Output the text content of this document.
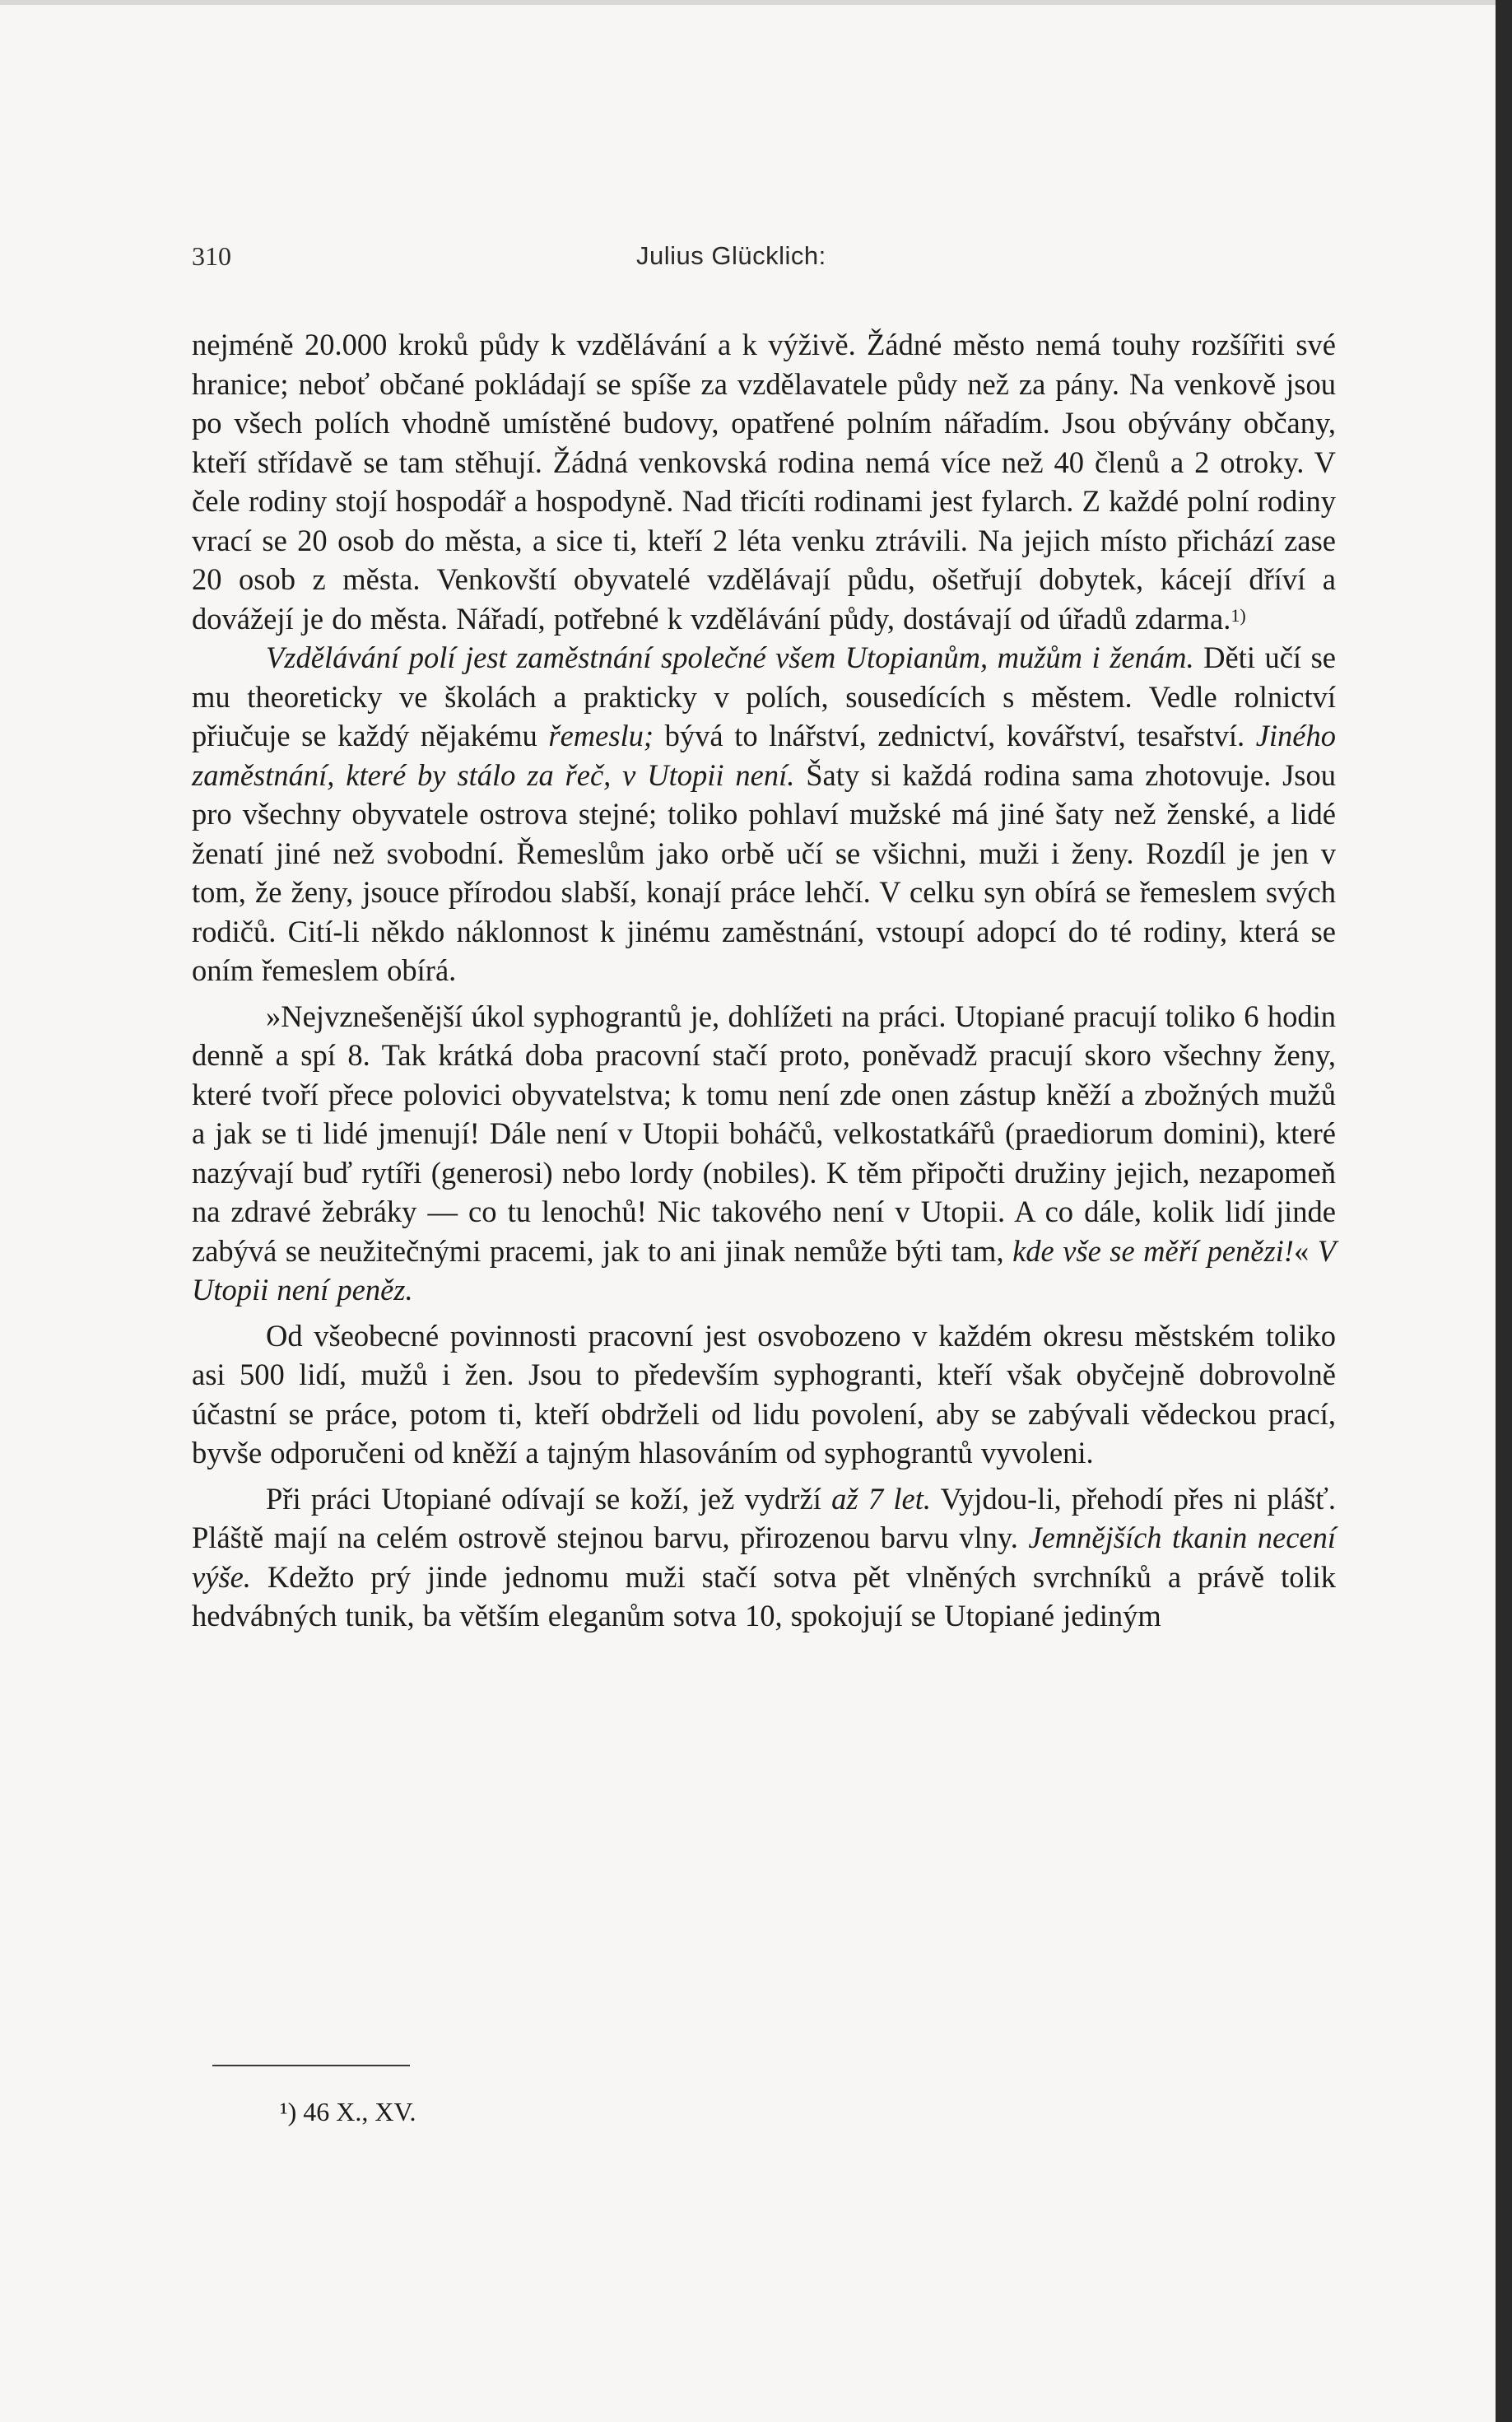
310	Julius Glücklich:

nejméně 20.000 kroků půdy k vzdělávání a k výživě. Žádné město nemá touhy rozšířiti své hranice; neboť občané pokládají se spíše za vzdělavatele půdy než za pány. Na venkově jsou po všech polích vhodně umístěné budovy, opatřené polním nářadím. Jsou obývány občany, kteří střídavě se tam stěhují. Žádná venkovská rodina nemá více než 40 členů a 2 otroky. V čele rodiny stojí hospodář a hospodyně. Nad třicíti rodinami jest fylarch. Z každé polní rodiny vrací se 20 osob do města, a sice ti, kteří 2 léta venku ztrávili. Na jejich místo přichází zase 20 osob z města. Venkovští obyvatelé vzdělávají půdu, ošetřují dobytek, kácejí dříví a dovážejí je do města. Nářadí, potřebné k vzdělávání půdy, dostávají od úřadů zdarma.$^{1)}$

Vzdělávání polí jest zaměstnání společné všem Utopianům, mužům i ženám. Děti učí se mu theoreticky ve školách a prakticky v polích, sousedících s městem. Vedle rolnictví přiučuje se každý nějakému řemeslu; bývá to lnářství, zednictví, kovářství, tesařství. Jiného zaměstnání, které by stálo za řeč, v Utopii není. Šaty si každá rodina sama zhotovuje. Jsou pro všechny obyvatele ostrova stejné; toliko pohlaví mužské má jiné šaty než ženské, a lidé ženatí jiné než svobodní. Řemeslům jako orbě učí se všichni, muži i ženy. Rozdíl je jen v tom, že ženy, jsouce přírodou slabší, konají práce lehčí. V celku syn obírá se řemeslem svých rodičů. Cití-li někdo náklonnost k jinému zaměstnání, vstoupí adopcí do té rodiny, která se oním řemeslem obírá.

»Nejvznešenější úkol syphograntů je, dohlížeti na práci. Utopiané pracují toliko 6 hodin denně a spí 8. Tak krátká doba pracovní stačí proto, poněvadž pracují skoro všechny ženy, které tvoří přece polovici obyvatelstva; k tomu není zde onen zástup kněží a zbožných mužů a jak se ti lidé jmenují! Dále není v Utopii boháčů, velkostatkářů (praediorum domini), které nazývají buď rytíři (generosi) nebo lordy (nobiles). K těm připočti družiny jejich, nezapomeň na zdravé žebráky — co tu lenochů! Nic takového není v Utopii. A co dále, kolik lidí jinde zabývá se neužitečnými pracemi, jak to ani jinak nemůže býti tam, kde vše se měří penězi!« V Utopii není peněz.

Od všeobecné povinnosti pracovní jest osvobozeno v každém okresu městském toliko asi 500 lidí, mužů i žen. Jsou to především syphogranti, kteří však obyčejně dobrovolně účastní se práce, potom ti, kteří obdrželi od lidu povolení, aby se zabývali vědeckou prací, byvše odporučeni od kněží a tajným hlasováním od syphograntů vyvoleni.

Při práci Utopiané odívají se koží, jež vydrží až 7 let. Vyjdou-li, přehodí přes ni plášť. Pláště mají na celém ostrově stejnou barvu, přirozenou barvu vlny. Jemnějších tkanin necení výše. Kdežto prý jinde jednomu muži stačí sotva pět vlněných svrchníků a právě tolik hedvábných tunik, ba větším eleganům sotva 10, spokojují se Utopiané jediným

¹) 46 X., XV.
